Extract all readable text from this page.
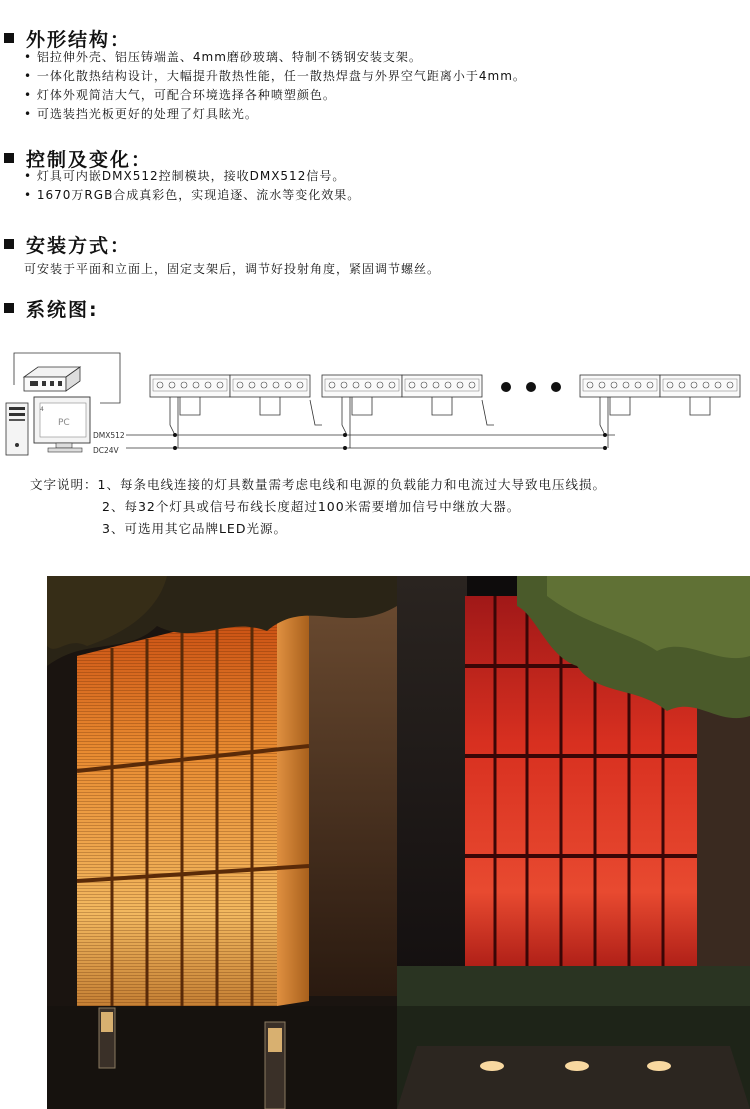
外形结构：
• 铝拉伸外壳、铝压铸端盖、4mm磨砂玻璃、特制不锈钢安装支架。
• 一体化散热结构设计，大幅提升散热性能，任一散热焊盘与外界空气距离小于4mm。
• 灯体外观简洁大气，可配合环境选择各种喷塑颜色。
• 可选装挡光板更好的处理了灯具眩光。
控制及变化：
• 灯具可内嵌DMX512控制模块，接收DMX512信号。
• 1670万RGB合成真彩色，实现追逐、流水等变化效果。
安装方式：
可安装于平面和立面上，固定支架后，调节好投射角度，紧固调节螺丝。
系统图:
4
PC
DMX512
DC24V
文字说明：1、每条电线连接的灯具数量需考虑电线和电源的负载能力和电流过大导致电压线损。
2、每32个灯具或信号布线长度超过100米需要增加信号中继放大器。
3、可选用其它品牌LED光源。
